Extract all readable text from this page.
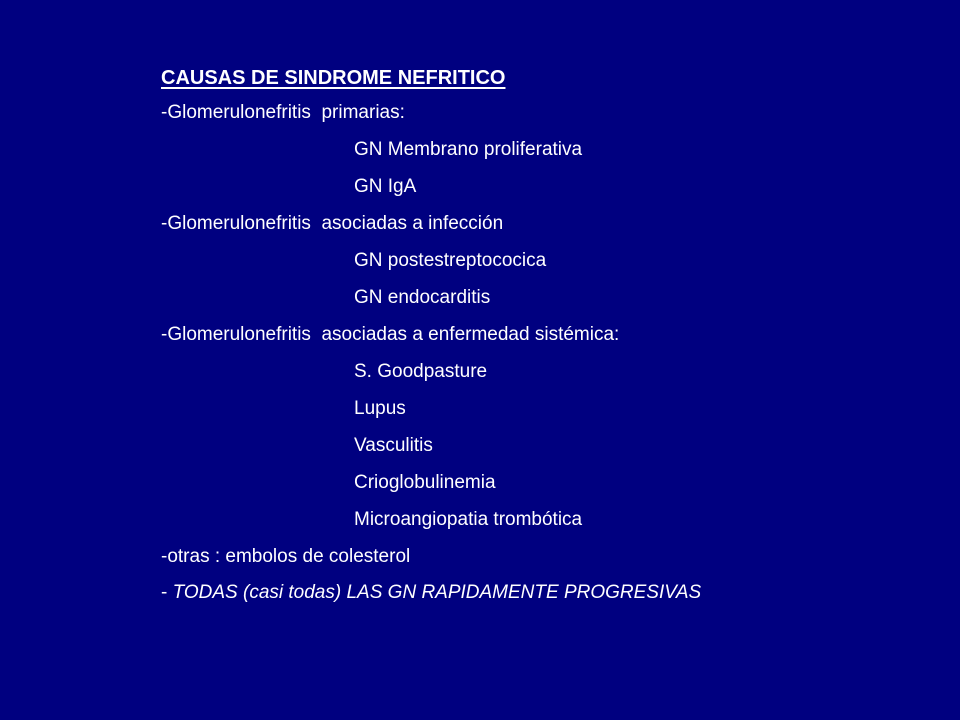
CAUSAS DE SINDROME NEFRITICO
-Glomerulonefritis  primarias:
GN Membrano proliferativa
GN IgA
-Glomerulonefritis  asociadas a infección
GN postestreptococica
GN endocarditis
-Glomerulonefritis  asociadas a enfermedad sistémica:
S. Goodpasture
Lupus
Vasculitis
Crioglobulinemia
Microangiopatia trombótica
-otras : embolos de colesterol
- TODAS (casi todas) LAS GN RAPIDAMENTE PROGRESIVAS
